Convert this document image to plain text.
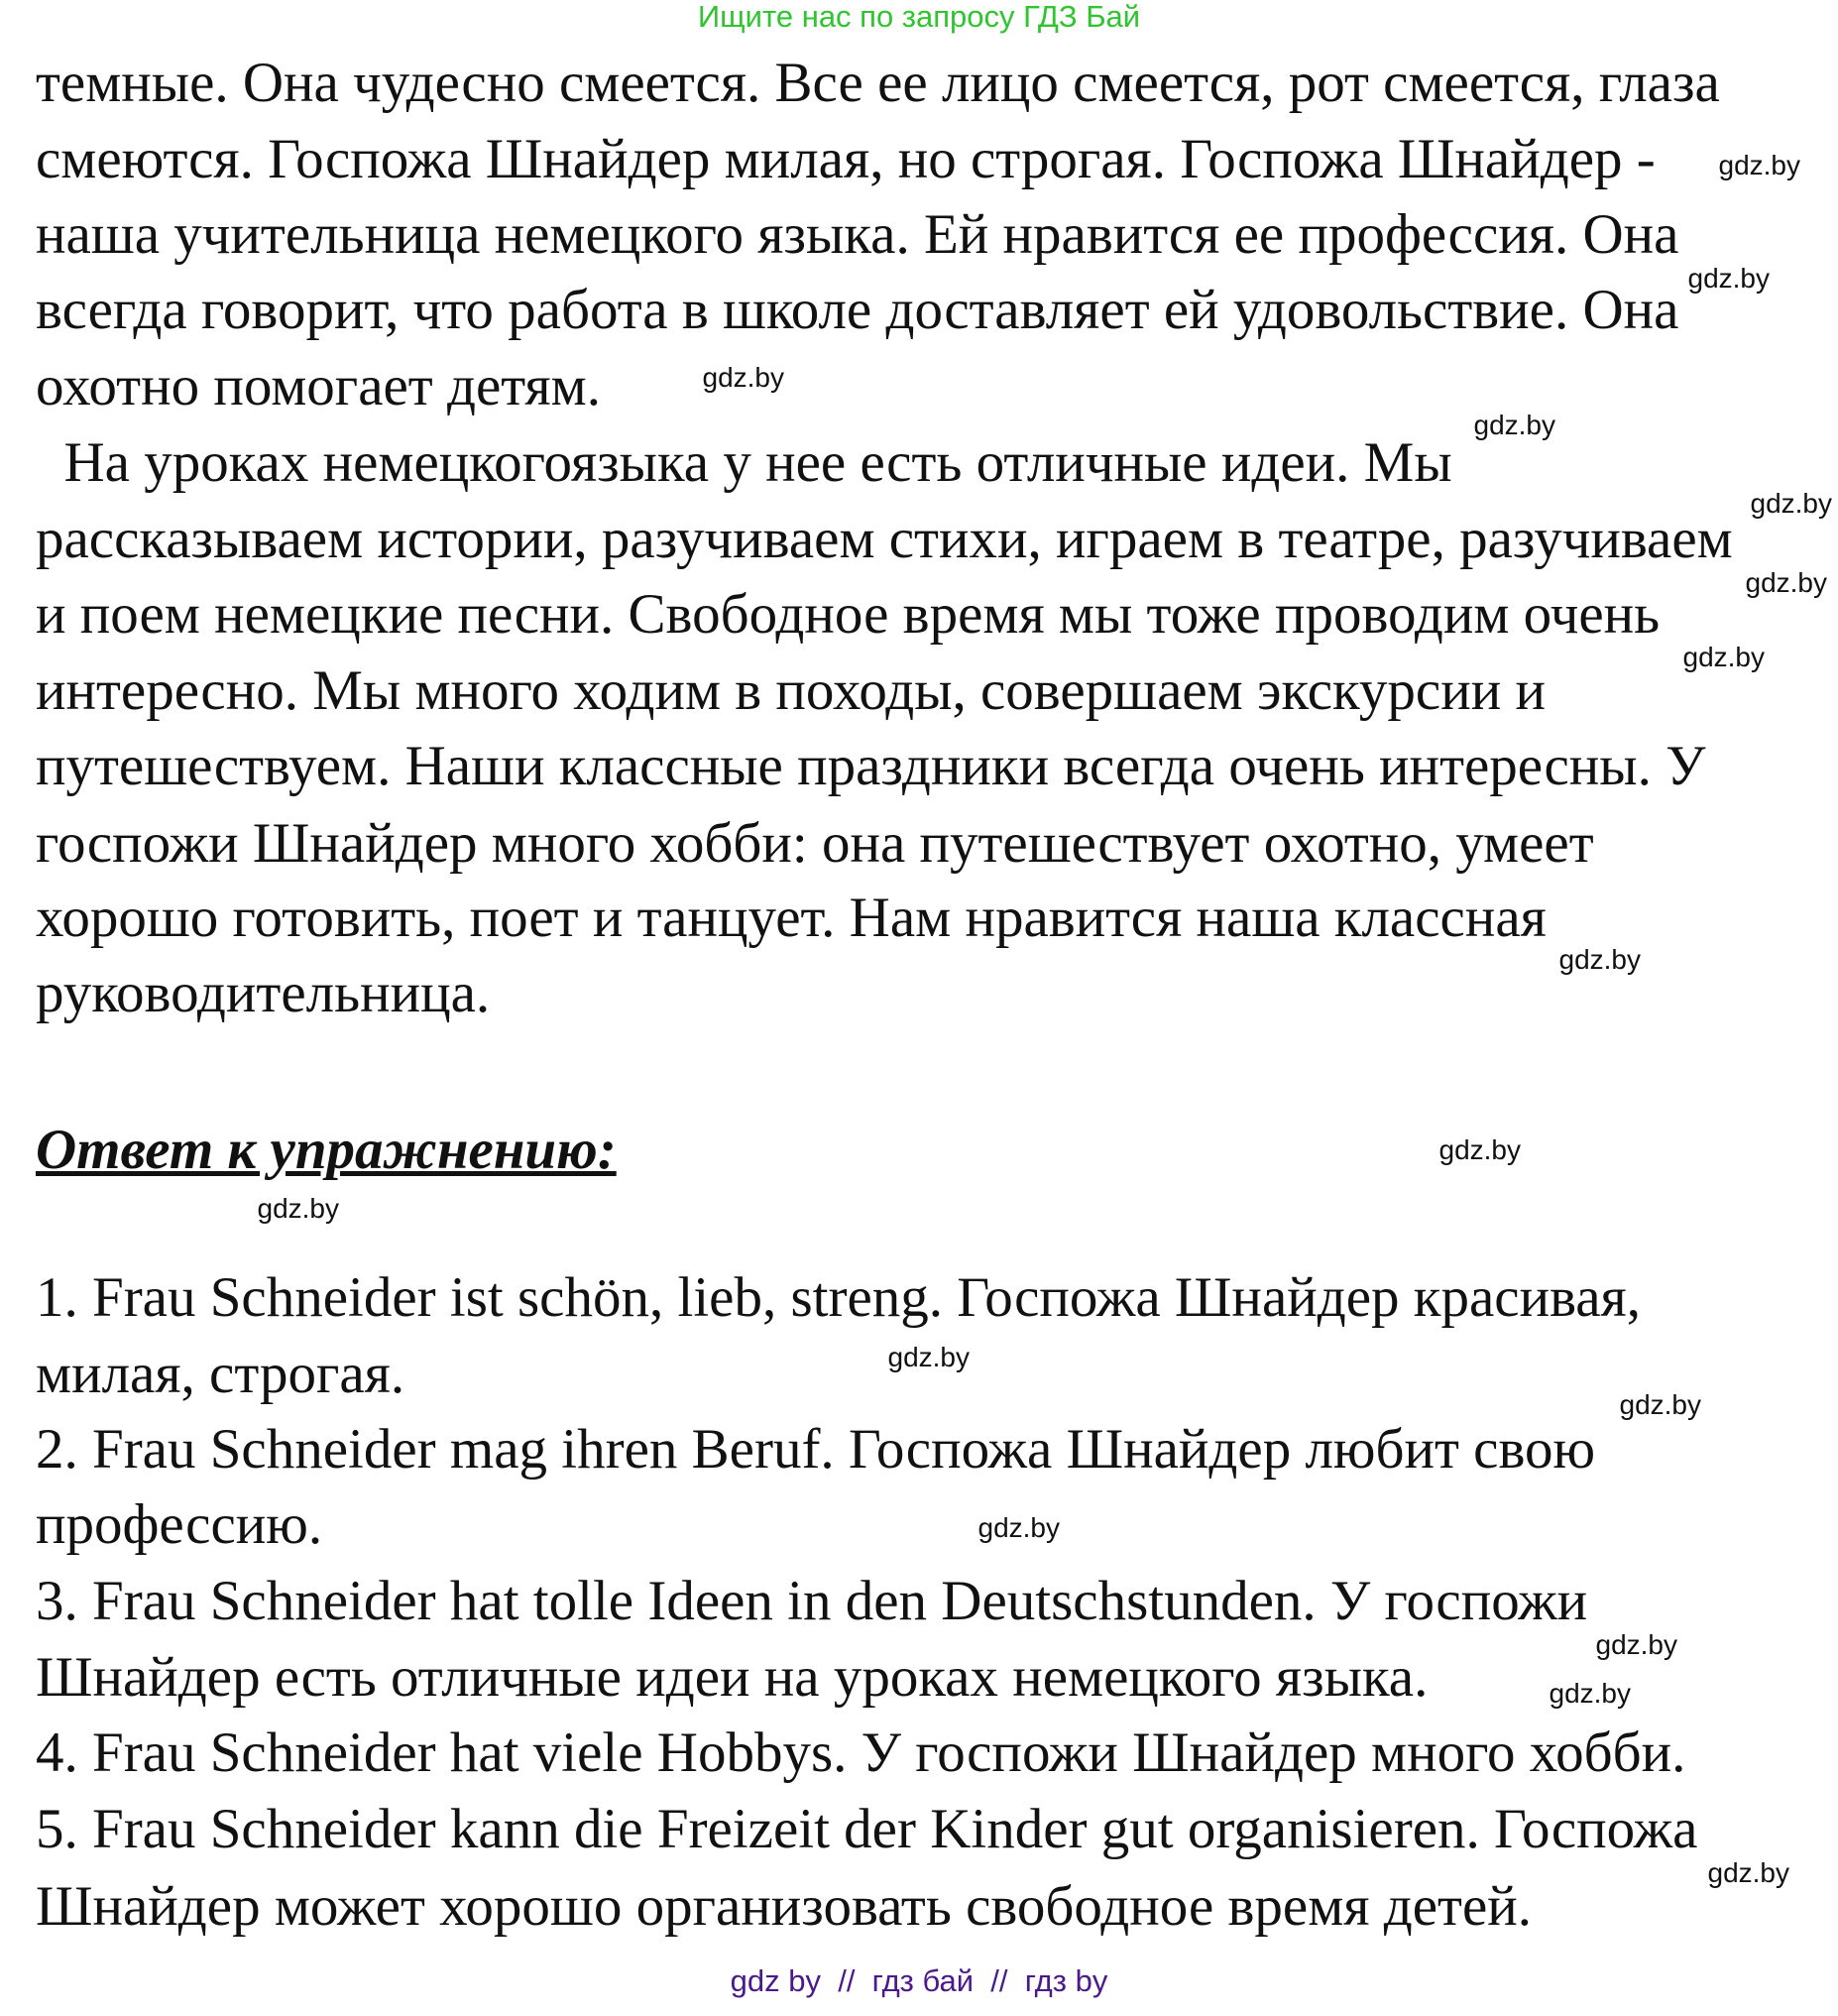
Ищите нас по запросу ГДЗ Бай
Ответ к упражнению:
gdz by  //  гдз бай  //  гдз by
темные. Она чудесно смеется. Все ее лицо смеется, рот смеется, глаза
смеются. Госпожа Шнайдер милая, но строгая. Госпожа Шнайдер -
наша учительница немецкого языка. Ей нравится ее профессия. Она
всегда говорит, что работа в школе доставляет ей удовольствие. Она
охотно помогает детям.
На уроках немецкогоязыка у нее есть отличные идеи. Мы
рассказываем истории, разучиваем стихи, играем в театре, разучиваем
и поем немецкие песни. Свободное время мы тоже проводим очень
интересно. Мы много ходим в походы, совершаем экскурсии и
путешествуем. Наши классные праздники всегда очень интересны. У
госпожи Шнайдер много хобби: она путешествует охотно, умеет
хорошо готовить, поет и танцует. Нам нравится наша классная
руководительница.
1. Frau Schneider ist schön, lieb, streng. Госпожа Шнайдер красивая,
милая, строгая.
2. Frau Schneider mag ihren Beruf. Госпожа Шнайдер любит свою
профессию.
3. Frau Schneider hat tolle Ideen in den Deutschstunden. У госпожи
Шнайдер есть отличные идеи на уроках немецкого языка.
4. Frau Schneider hat viele Hobbys. У госпожи Шнайдер много хобби.
5. Frau Schneider kann die Freizeit der Kinder gut organisieren. Госпожа
Шнайдер может хорошо организовать свободное время детей.
gdz.by
gdz.by
gdz.by
gdz.by
gdz.by
gdz.by
gdz.by
gdz.by
gdz.by
gdz.by
gdz.by
gdz.by
gdz.by
gdz.by
gdz.by
gdz.by
